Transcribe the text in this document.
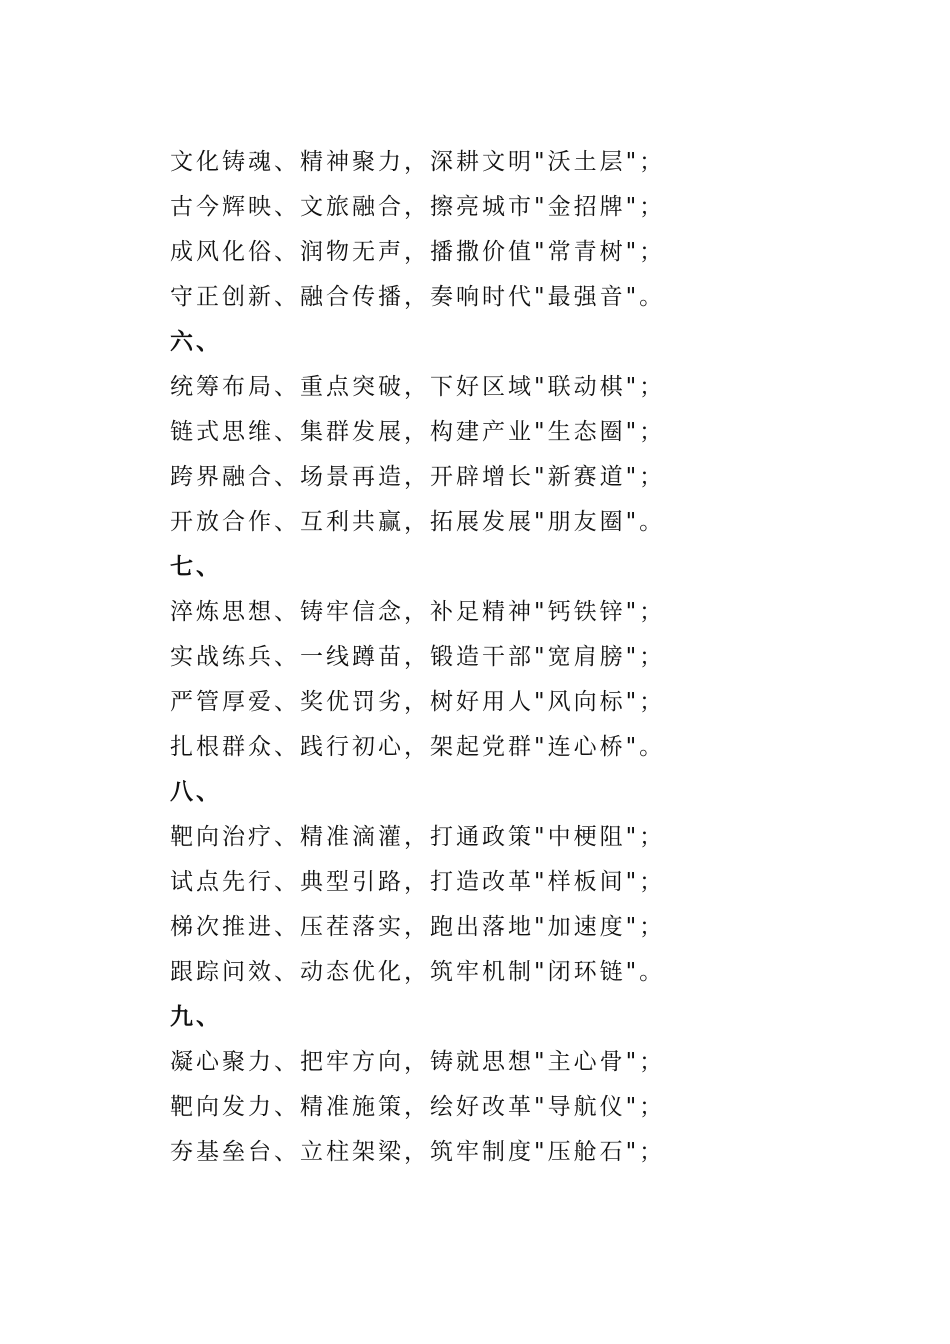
文化铸魂、精神聚力，深耕文明"沃土层"；
古今辉映、文旅融合，擦亮城市"金招牌"；
成风化俗、润物无声，播撒价值"常青树"；
守正创新、融合传播，奏响时代"最强音"。
六、
统筹布局、重点突破，下好区域"联动棋"；
链式思维、集群发展，构建产业"生态圈"；
跨界融合、场景再造，开辟增长"新赛道"；
开放合作、互利共赢，拓展发展"朋友圈"。
七、
淬炼思想、铸牢信念，补足精神"钙铁锌"；
实战练兵、一线蹲苗，锻造干部"宽肩膀"；
严管厚爱、奖优罚劣，树好用人"风向标"；
扎根群众、践行初心，架起党群"连心桥"。
八、
靶向治疗、精准滴灌，打通政策"中梗阻"；
试点先行、典型引路，打造改革"样板间"；
梯次推进、压茬落实，跑出落地"加速度"；
跟踪问效、动态优化，筑牢机制"闭环链"。
九、
凝心聚力、把牢方向，铸就思想"主心骨"；
靶向发力、精准施策，绘好改革"导航仪"；
夯基垒台、立柱架梁，筑牢制度"压舱石"；
